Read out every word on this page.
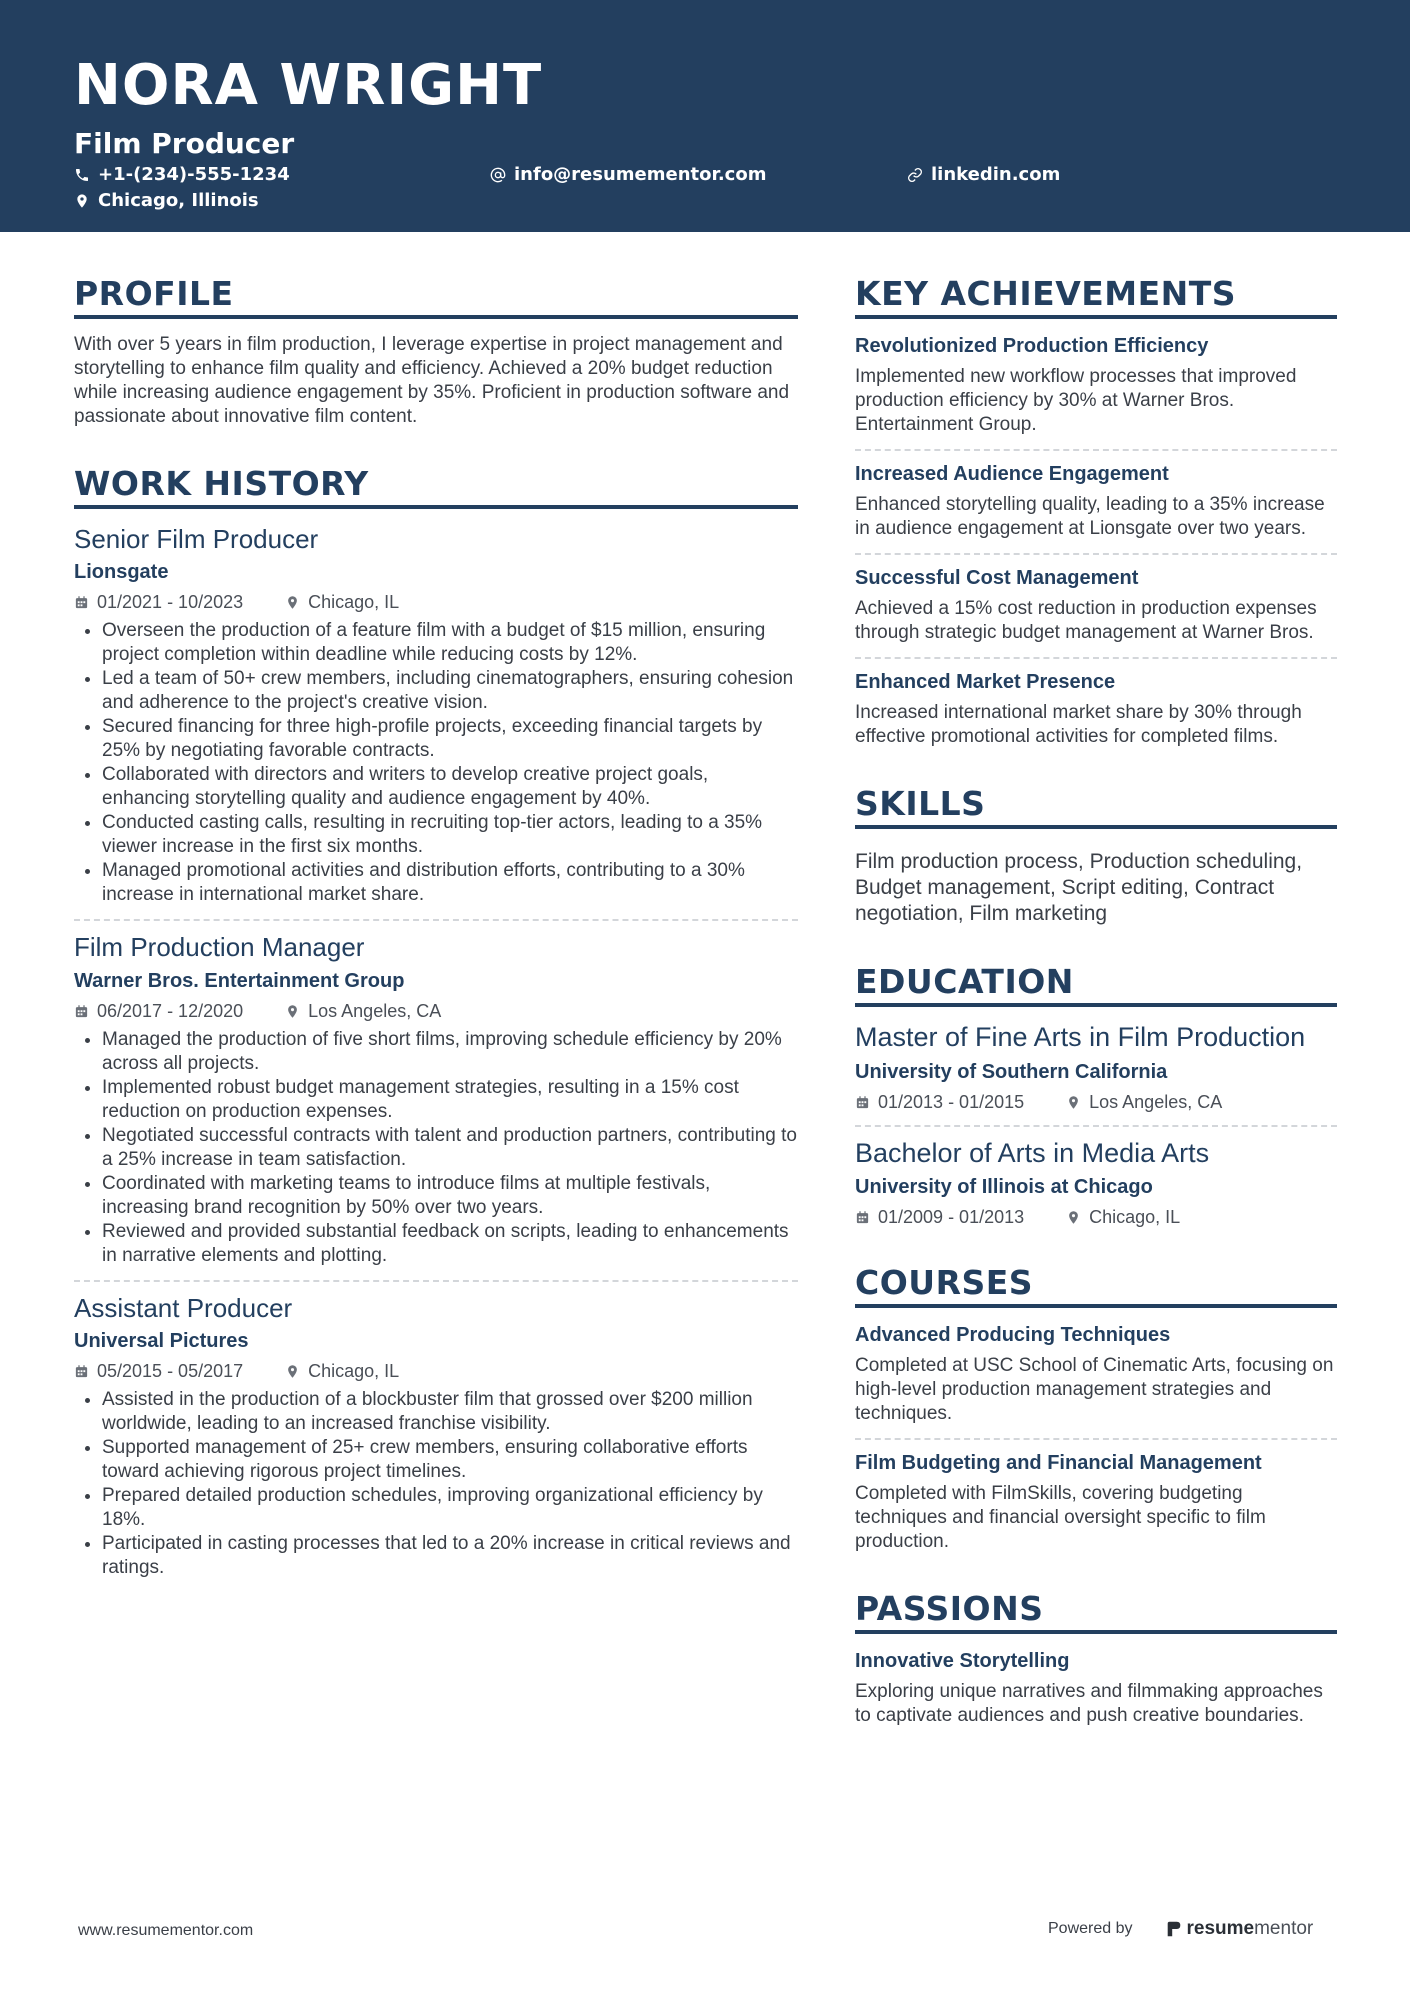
NORA WRIGHT
Film Producer
+1-(234)-555-1234	info@resumementor.com	linkedin.com
Chicago, Illinois
PROFILE
With over 5 years in film production, I leverage expertise in project management and storytelling to enhance film quality and efficiency. Achieved a 20% budget reduction while increasing audience engagement by 35%. Proficient in production software and passionate about innovative film content.
WORK HISTORY
Senior Film Producer
Lionsgate
01/2021 - 10/2023	Chicago, IL
• Overseen the production of a feature film with a budget of $15 million, ensuring project completion within deadline while reducing costs by 12%.
• Led a team of 50+ crew members, including cinematographers, ensuring cohesion and adherence to the project's creative vision.
• Secured financing for three high-profile projects, exceeding financial targets by 25% by negotiating favorable contracts.
• Collaborated with directors and writers to develop creative project goals, enhancing storytelling quality and audience engagement by 40%.
• Conducted casting calls, resulting in recruiting top-tier actors, leading to a 35% viewer increase in the first six months.
• Managed promotional activities and distribution efforts, contributing to a 30% increase in international market share.
Film Production Manager
Warner Bros. Entertainment Group
06/2017 - 12/2020	Los Angeles, CA
• Managed the production of five short films, improving schedule efficiency by 20% across all projects.
• Implemented robust budget management strategies, resulting in a 15% cost reduction on production expenses.
• Negotiated successful contracts with talent and production partners, contributing to a 25% increase in team satisfaction.
• Coordinated with marketing teams to introduce films at multiple festivals, increasing brand recognition by 50% over two years.
• Reviewed and provided substantial feedback on scripts, leading to enhancements in narrative elements and plotting.
Assistant Producer
Universal Pictures
05/2015 - 05/2017	Chicago, IL
• Assisted in the production of a blockbuster film that grossed over $200 million worldwide, leading to an increased franchise visibility.
• Supported management of 25+ crew members, ensuring collaborative efforts toward achieving rigorous project timelines.
• Prepared detailed production schedules, improving organizational efficiency by 18%.
• Participated in casting processes that led to a 20% increase in critical reviews and ratings.
KEY ACHIEVEMENTS
Revolutionized Production Efficiency
Implemented new workflow processes that improved production efficiency by 30% at Warner Bros. Entertainment Group.
Increased Audience Engagement
Enhanced storytelling quality, leading to a 35% increase in audience engagement at Lionsgate over two years.
Successful Cost Management
Achieved a 15% cost reduction in production expenses through strategic budget management at Warner Bros.
Enhanced Market Presence
Increased international market share by 30% through effective promotional activities for completed films.
SKILLS
Film production process, Production scheduling, Budget management, Script editing, Contract negotiation, Film marketing
EDUCATION
Master of Fine Arts in Film Production
University of Southern California
01/2013 - 01/2015	Los Angeles, CA
Bachelor of Arts in Media Arts
University of Illinois at Chicago
01/2009 - 01/2013	Chicago, IL
COURSES
Advanced Producing Techniques
Completed at USC School of Cinematic Arts, focusing on high-level production management strategies and techniques.
Film Budgeting and Financial Management
Completed with FilmSkills, covering budgeting techniques and financial oversight specific to film production.
PASSIONS
Innovative Storytelling
Exploring unique narratives and filmmaking approaches to captivate audiences and push creative boundaries.
www.resumementor.com	Powered by	resume mentor
